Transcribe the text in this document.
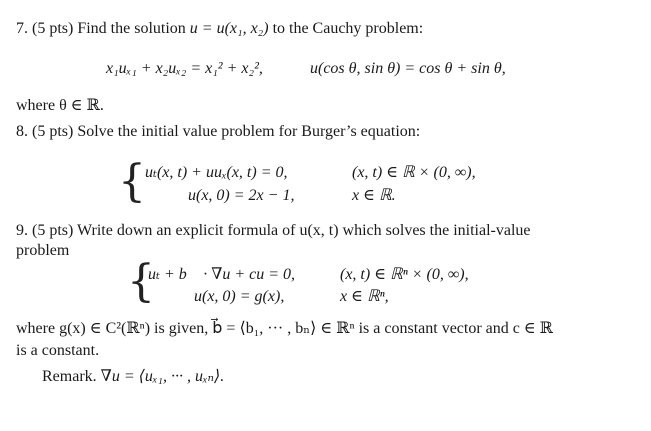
7. (5 pts) Find the solution u = u(x₁, x₂) to the Cauchy problem:
x₁uₓ₁ + x₂uₓ₂ = x₁² + x₂²,	u(cos θ, sin θ) = cos θ + sin θ,
where θ ∈ ℝ.
8. (5 pts) Solve the initial value problem for Burger’s equation:
{ uₜ(x, t) + uuₓ(x, t) = 0,	(x, t) ∈ ℝ × (0, ∞),
u(x, 0) = 2x − 1,	x ∈ ℝ.
9. (5 pts) Write down an explicit formula of u(x, t) which solves the initial-value
problem
{
uₜ + b⃗ · ∇u + cu = 0,	(x, t) ∈ ℝⁿ × (0, ∞),
u(x, 0) = g(x),	x ∈ ℝⁿ,
where g(x) ∈ C²(ℝⁿ) is given, b⃗ = ⟨b₁, ··· , bₙ⟩ ∈ ℝⁿ is a constant vector and c ∈ ℝ
is a constant.
Remark. ∇u = ⟨uₓ₁, ··· , uₓₙ⟩.
